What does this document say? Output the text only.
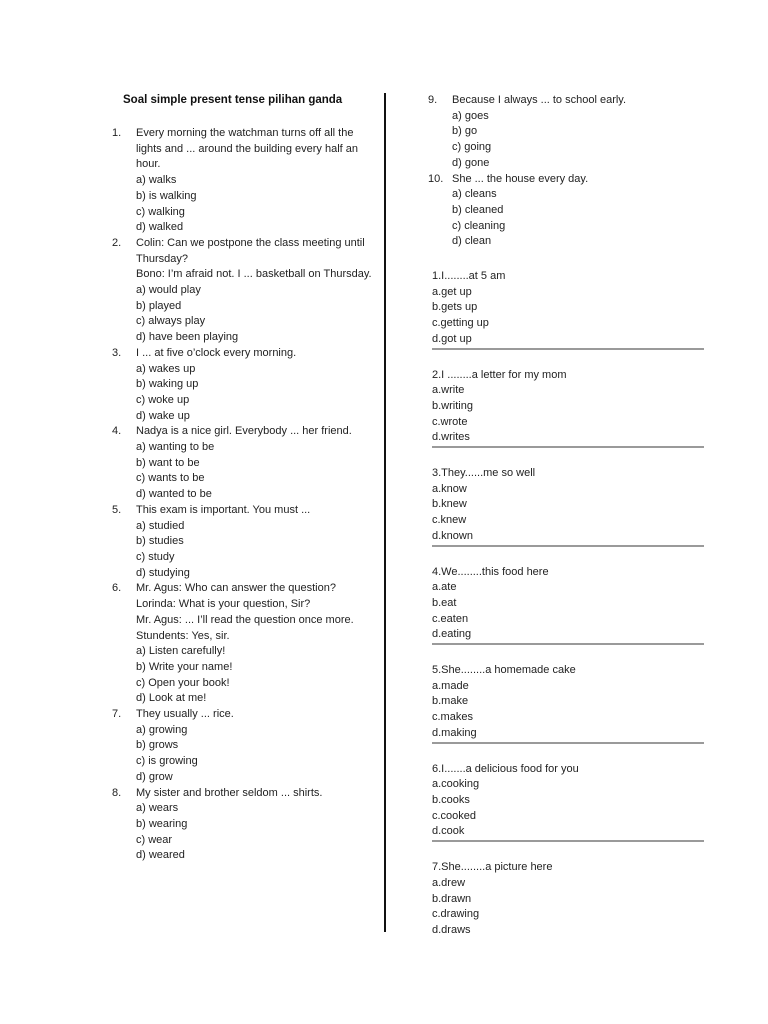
Soal simple present tense pilihan ganda
1.	Every morning the watchman turns off all the lights and ... around the building every half an hour.
a) walks
b) is walking
c) walking
d) walked
2.	Colin: Can we postpone the class meeting until Thursday?
Bono: I’m afraid not. I ... basketball on Thursday.
a) would play
b) played
c) always play
d) have been playing
3.	I ... at five o’clock every morning.
a) wakes up
b) waking up
c) woke up
d) wake up
4.	Nadya is a nice girl. Everybody ... her friend.
a) wanting to be
b) want to be
c) wants to be
d) wanted to be
5.	This exam is important. You must ...
a) studied
b) studies
c) study
d) studying
6.	Mr. Agus: Who can answer the question?
Lorinda: What is your question, Sir?
Mr. Agus: ... I’ll read the question once more.
Stundents: Yes, sir.
a) Listen carefully!
b) Write your name!
c) Open your book!
d) Look at me!
7.	They usually ... rice.
a) growing
b) grows
c) is growing
d) grow
8.	My sister and brother seldom ... shirts.
a) wears
b) wearing
c) wear
d) weared
9.	Because I always ... to school early.
a) goes
b) go
c) going
d) gone
10. She ... the house every day.
a) cleans
b) cleaned
c) cleaning
d) clean
1.I........at 5 am
a.get up
b.gets up
c.getting up
d.got up
2.I ........a letter for my mom
a.write
b.writing
c.wrote
d.writes
3.They......me so well
a.know
b.knew
c.knew
d.known
4.We........this food here
a.ate
b.eat
c.eaten
d.eating
5.She........a homemade cake
a.made
b.make
c.makes
d.making
6.I.......a delicious food for you
a.cooking
b.cooks
c.cooked
d.cook
7.She........a picture here
a.drew
b.drawn
c.drawing
d.draws
